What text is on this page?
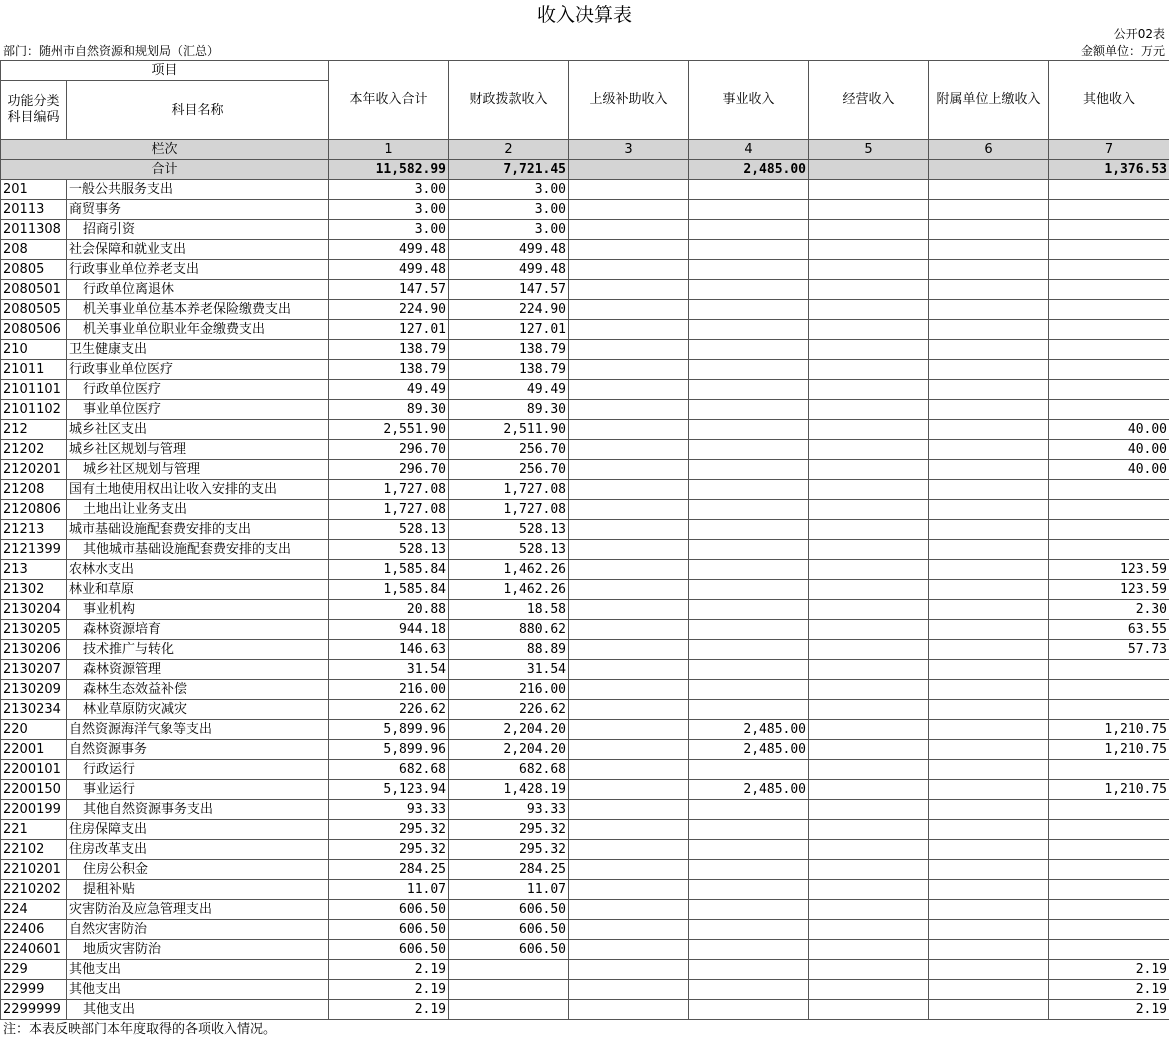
收入决算表
公开02表
部门：随州市自然资源和规划局（汇总）	金额单位：万元
项目		本年收入合计	财政拨款收入	上级补助收入	事业收入	经营收入	附属单位上缴收入	其他收入
功能分类科目编码	科目名称							
栏次		1	2	3	4	5	6	7
合计		11,582.99	7,721.45		2,485.00			1,376.53
201	一般公共服务支出	3.00	3.00					
20113	商贸事务	3.00	3.00					
2011308	招商引资	3.00	3.00					
208	社会保障和就业支出	499.48	499.48					
20805	行政事业单位养老支出	499.48	499.48					
2080501	行政单位离退休	147.57	147.57					
2080505	机关事业单位基本养老保险缴费支出	224.90	224.90					
2080506	机关事业单位职业年金缴费支出	127.01	127.01					
210	卫生健康支出	138.79	138.79					
21011	行政事业单位医疗	138.79	138.79					
2101101	行政单位医疗	49.49	49.49					
2101102	事业单位医疗	89.30	89.30					
212	城乡社区支出	2,551.90	2,511.90					40.00
21202	城乡社区规划与管理	296.70	256.70					40.00
2120201	城乡社区规划与管理	296.70	256.70					40.00
21208	国有土地使用权出让收入安排的支出	1,727.08	1,727.08					
2120806	土地出让业务支出	1,727.08	1,727.08					
21213	城市基础设施配套费安排的支出	528.13	528.13					
2121399	其他城市基础设施配套费安排的支出	528.13	528.13					
213	农林水支出	1,585.84	1,462.26					123.59
21302	林业和草原	1,585.84	1,462.26					123.59
2130204	事业机构	20.88	18.58					2.30
2130205	森林资源培育	944.18	880.62					63.55
2130206	技术推广与转化	146.63	88.89					57.73
2130207	森林资源管理	31.54	31.54					
2130209	森林生态效益补偿	216.00	216.00					
2130234	林业草原防灾减灾	226.62	226.62					
220	自然资源海洋气象等支出	5,899.96	2,204.20		2,485.00			1,210.75
22001	自然资源事务	5,899.96	2,204.20		2,485.00			1,210.75
2200101	行政运行	682.68	682.68					
2200150	事业运行	5,123.94	1,428.19		2,485.00			1,210.75
2200199	其他自然资源事务支出	93.33	93.33					
221	住房保障支出	295.32	295.32					
22102	住房改革支出	295.32	295.32					
2210201	住房公积金	284.25	284.25					
2210202	提租补贴	11.07	11.07					
224	灾害防治及应急管理支出	606.50	606.50					
22406	自然灾害防治	606.50	606.50					
2240601	地质灾害防治	606.50	606.50					
229	其他支出	2.19						2.19
22999	其他支出	2.19						2.19
2299999	其他支出	2.19						2.19
注：本表反映部门本年度取得的各项收入情况。
